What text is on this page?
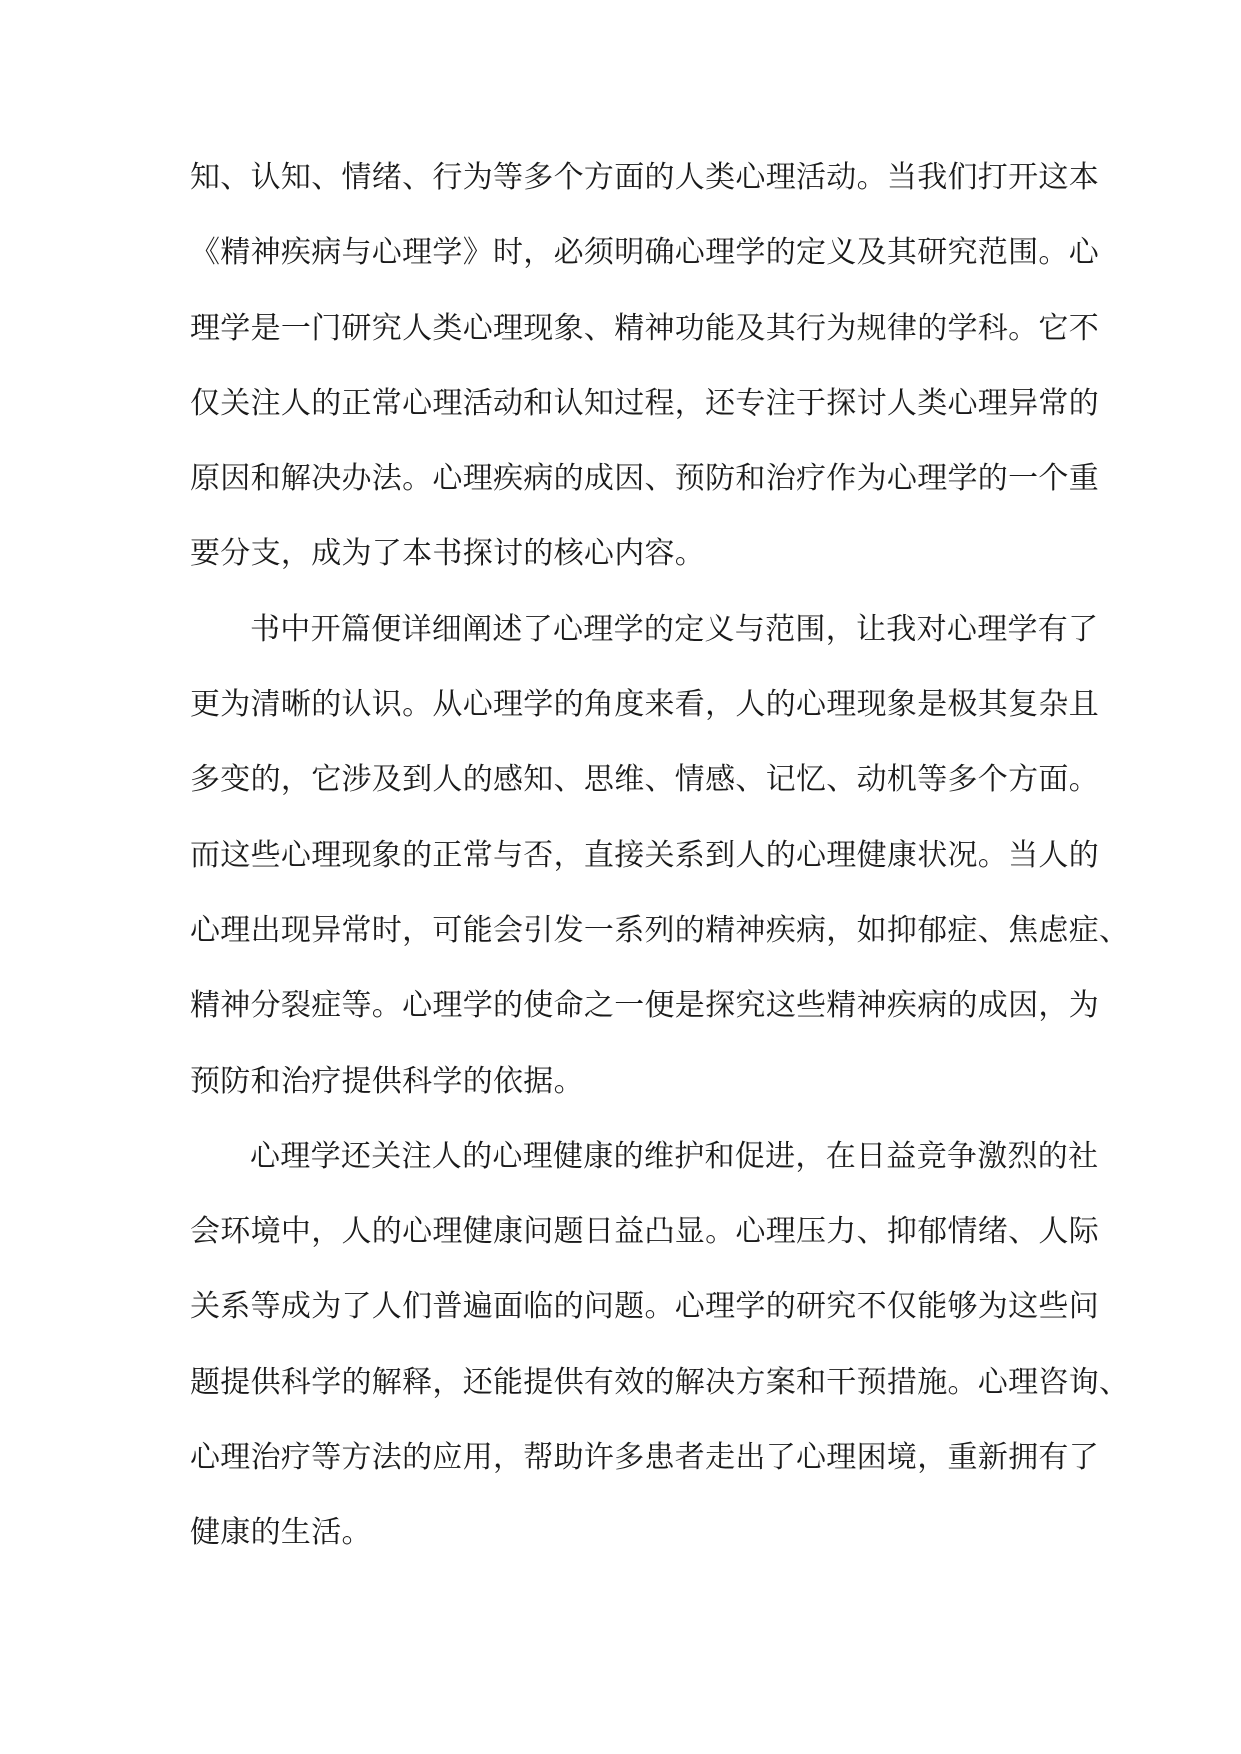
知、认知、情绪、行为等多个方面的人类心理活动。当我们打开这本
《精神疾病与心理学》时，必须明确心理学的定义及其研究范围。心
理学是一门研究人类心理现象、精神功能及其行为规律的学科。它不
仅关注人的正常心理活动和认知过程，还专注于探讨人类心理异常的
原因和解决办法。心理疾病的成因、预防和治疗作为心理学的一个重
要分支，成为了本书探讨的核心内容。
书中开篇便详细阐述了心理学的定义与范围，让我对心理学有了
更为清晰的认识。从心理学的角度来看，人的心理现象是极其复杂且
多变的，它涉及到人的感知、思维、情感、记忆、动机等多个方面。
而这些心理现象的正常与否，直接关系到人的心理健康状况。当人的
心理出现异常时，可能会引发一系列的精神疾病，如抑郁症、焦虑症、
精神分裂症等。心理学的使命之一便是探究这些精神疾病的成因，为
预防和治疗提供科学的依据。
心理学还关注人的心理健康的维护和促进，在日益竞争激烈的社
会环境中，人的心理健康问题日益凸显。心理压力、抑郁情绪、人际
关系等成为了人们普遍面临的问题。心理学的研究不仅能够为这些问
题提供科学的解释，还能提供有效的解决方案和干预措施。心理咨询、
心理治疗等方法的应用，帮助许多患者走出了心理困境，重新拥有了
健康的生活。
